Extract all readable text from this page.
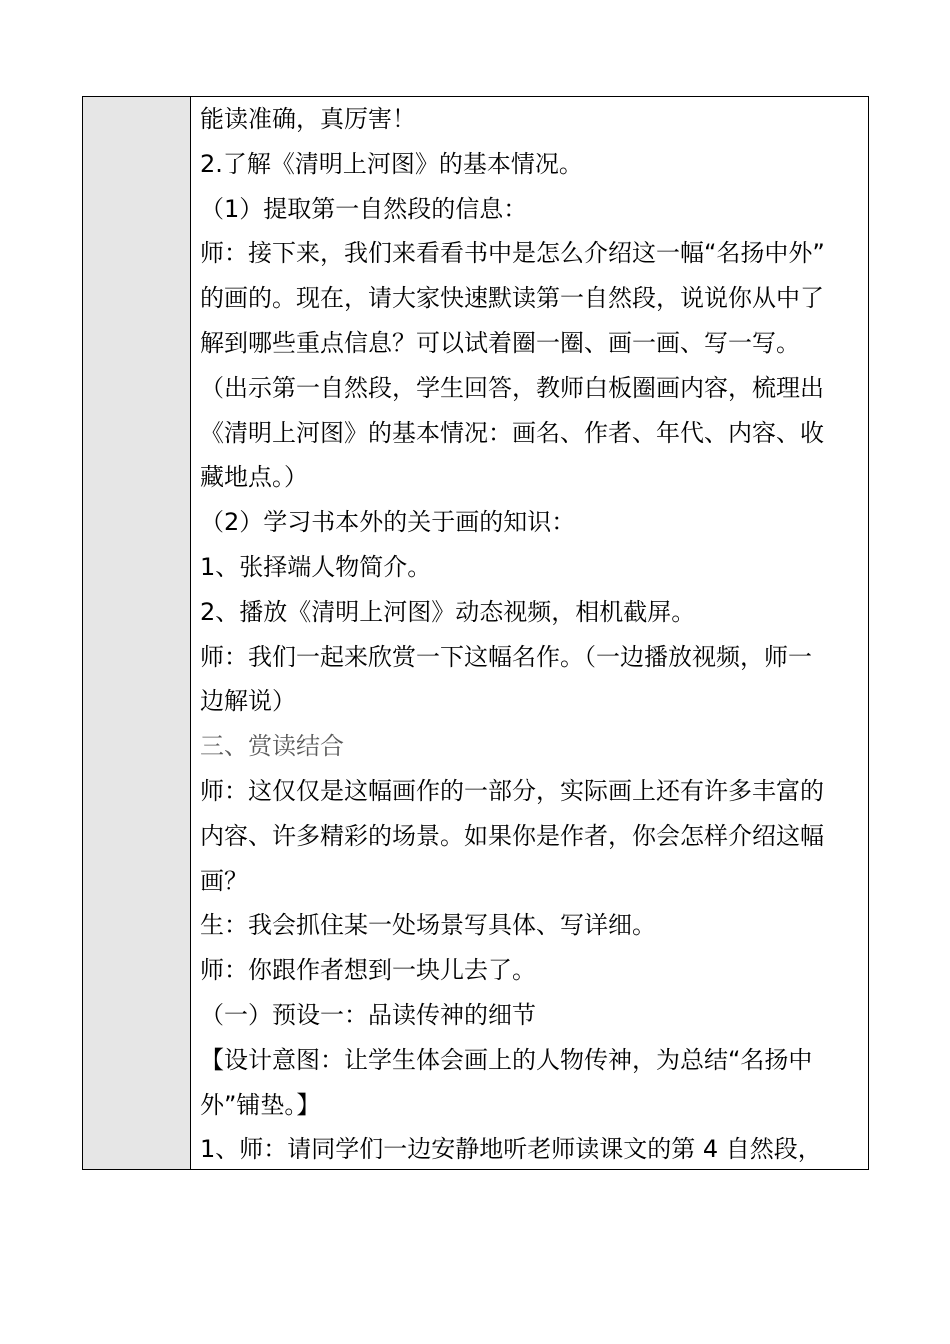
能读准确，真厉害！
2.了解《清明上河图》的基本情况。
（1）提取第一自然段的信息：
师：接下来，我们来看看书中是怎么介绍这一幅“名扬中外”
的画的。现在，请大家快速默读第一自然段，说说你从中了
解到哪些重点信息？可以试着圈一圈、画一画、写一写。
（出示第一自然段，学生回答，教师白板圈画内容，梳理出
《清明上河图》的基本情况：画名、作者、年代、内容、收
藏地点。）
（2）学习书本外的关于画的知识：
1、张择端人物简介。
2、播放《清明上河图》动态视频，相机截屏。
师：我们一起来欣赏一下这幅名作。（一边播放视频，师一
边解说）
三、赏读结合
师：这仅仅是这幅画作的一部分，实际画上还有许多丰富的
内容、许多精彩的场景。如果你是作者，你会怎样介绍这幅
画？
生：我会抓住某一处场景写具体、写详细。
师：你跟作者想到一块儿去了。
（一）预设一：品读传神的细节
【设计意图：让学生体会画上的人物传神，为总结“名扬中
外”铺垫。】
1、师：请同学们一边安静地听老师读课文的第 4 自然段，
